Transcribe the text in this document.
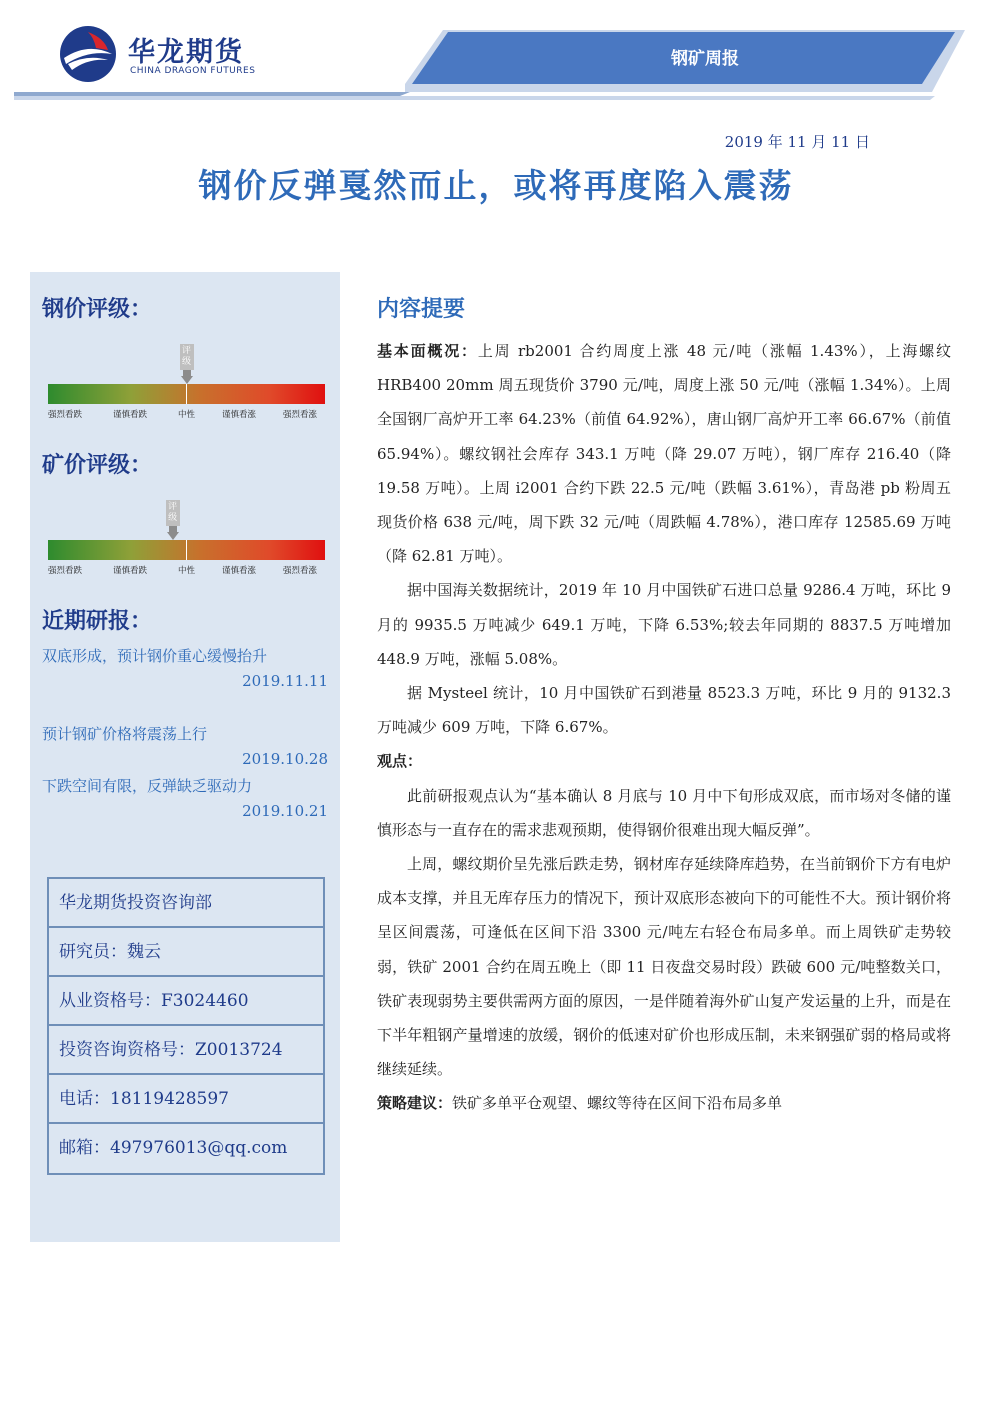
华龙期货
CHINA DRAGON FUTURES
钢矿周报
2019 年 11 月 11 日
钢价反弹戛然而止，或将再度陷入震荡
钢价评级：
评级
强烈看跌	谨慎看跌	中性	谨慎看涨	强烈看涨
矿价评级：
评级
强烈看跌	谨慎看跌	中性	谨慎看涨	强烈看涨
近期研报：
双底形成，预计钢价重心缓慢抬升
2019.11.11
预计钢矿价格将震荡上行
2019.10.28
下跌空间有限，反弹缺乏驱动力
2019.10.21
华龙期货投资咨询部
研究员：魏云
从业资格号：F3024460
投资咨询资格号：Z0013724
电话：18119428597
邮箱：497976013@qq.com
内容提要

基本面概况：上周 rb2001 合约周度上涨 48 元/吨（涨幅 1.43%），上海螺纹 HRB400 20mm 周五现货价 3790 元/吨，周度上涨 50 元/吨（涨幅 1.34%）。上周全国钢厂高炉开工率 64.23%（前值 64.92%），唐山钢厂高炉开工率 66.67%（前值 65.94%）。螺纹钢社会库存 343.1 万吨（降 29.07 万吨），钢厂库存 216.40（降 19.58 万吨）。上周 i2001 合约下跌 22.5 元/吨（跌幅 3.61%），青岛港 pb 粉周五现货价格 638 元/吨，周下跌 32 元/吨（周跌幅 4.78%），港口库存 12585.69 万吨（降 62.81 万吨）。

据中国海关数据统计，2019 年 10 月中国铁矿石进口总量 9286.4 万吨，环比 9 月的 9935.5 万吨减少 649.1 万吨，下降 6.53%;较去年同期的 8837.5 万吨增加 448.9 万吨，涨幅 5.08%。

据 Mysteel 统计，10 月中国铁矿石到港量 8523.3 万吨，环比 9 月的 9132.3 万吨减少 609 万吨，下降 6.67%。

观点：

此前研报观点认为“基本确认 8 月底与 10 月中下旬形成双底，而市场对冬储的谨慎形态与一直存在的需求悲观预期，使得钢价很难出现大幅反弹”。

上周，螺纹期价呈先涨后跌走势，钢材库存延续降库趋势，在当前钢价下方有电炉成本支撑，并且无库存压力的情况下，预计双底形态被向下的可能性不大。预计钢价将呈区间震荡，可逢低在区间下沿 3300 元/吨左右轻仓布局多单。而上周铁矿走势较弱，铁矿 2001 合约在周五晚上（即 11 日夜盘交易时段）跌破 600 元/吨整数关口，铁矿表现弱势主要供需两方面的原因，一是伴随着海外矿山复产发运量的上升，而是在下半年粗钢产量增速的放缓，钢价的低速对矿价也形成压制，未来钢强矿弱的格局或将继续延续。

策略建议：铁矿多单平仓观望、螺纹等待在区间下沿布局多单
